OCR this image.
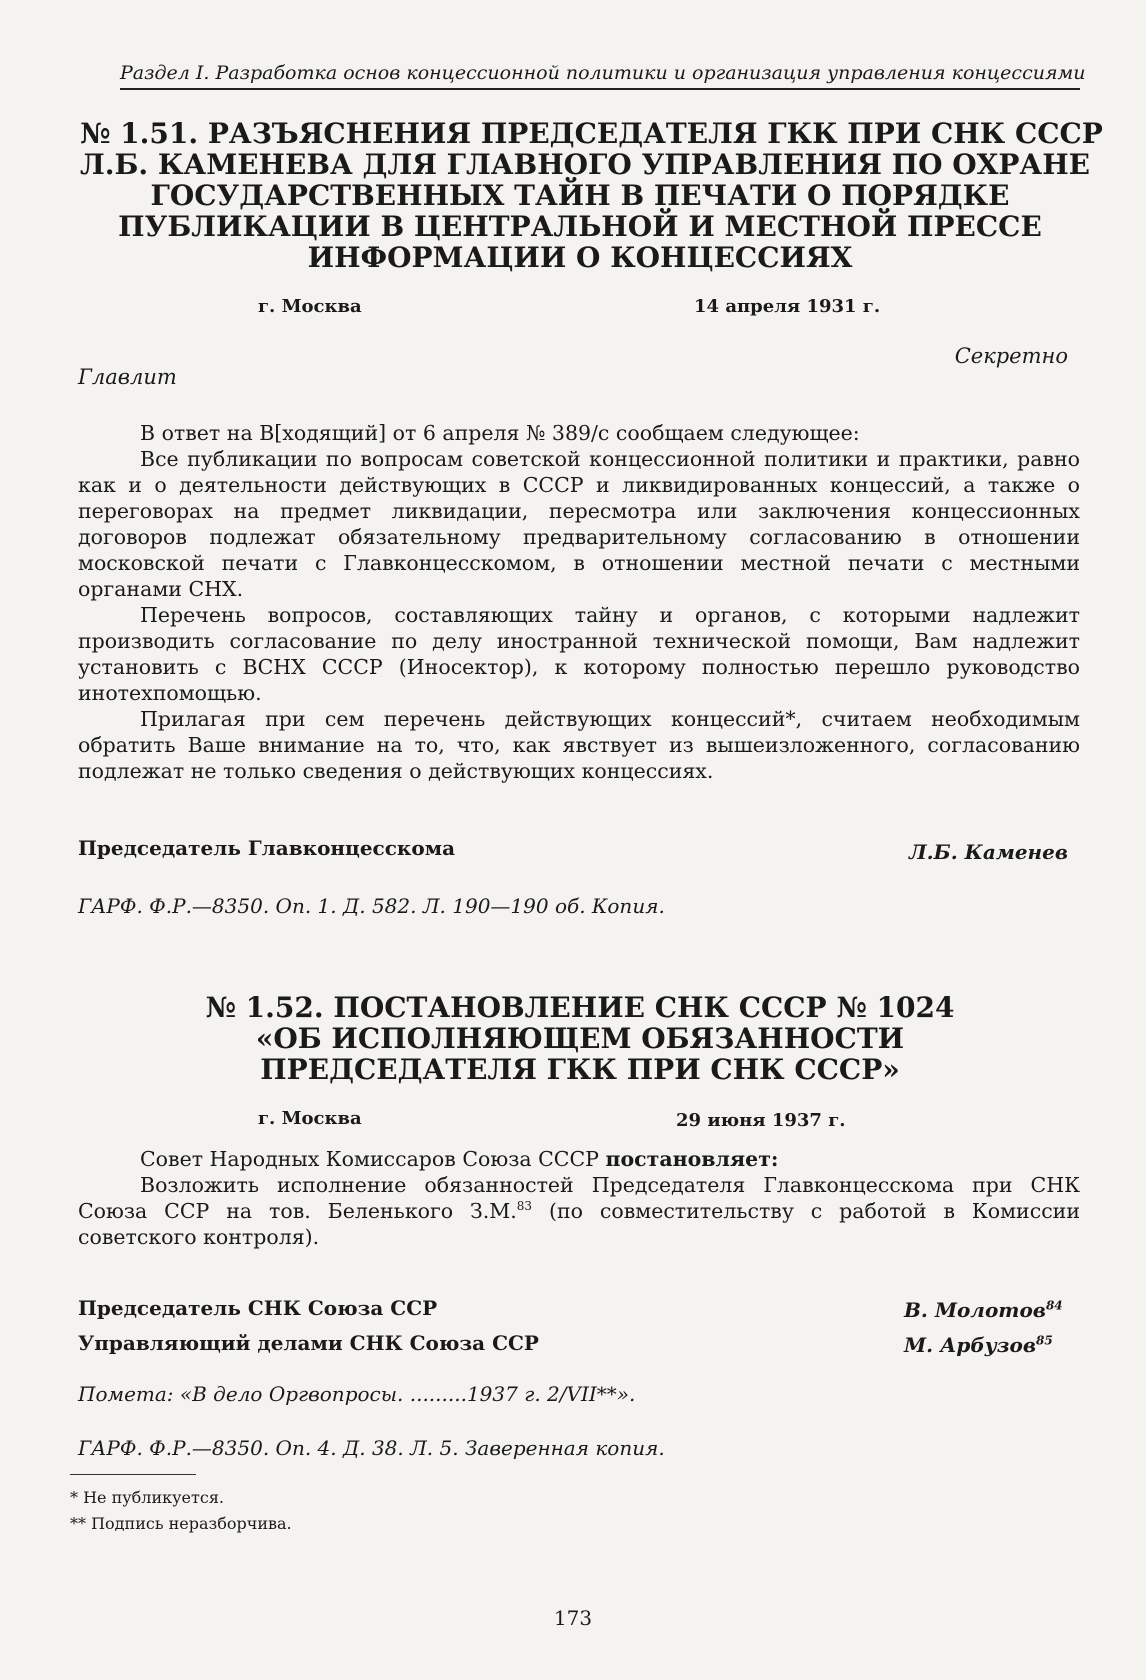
Раздел I. Разработка основ концессионной политики и организация управления концессиями
№ 1.51. РАЗЪЯСНЕНИЯ ПРЕДСЕДАТЕЛЯ ГКК ПРИ СНК СССР
Л.Б. КАМЕНЕВА ДЛЯ ГЛАВНОГО УПРАВЛЕНИЯ ПО ОХРАНЕ
ГОСУДАРСТВЕННЫХ ТАЙН В ПЕЧАТИ О ПОРЯДКЕ
ПУБЛИКАЦИИ В ЦЕНТРАЛЬНОЙ И МЕСТНОЙ ПРЕССЕ
ИНФОРМАЦИИ О КОНЦЕССИЯХ
г. Москва	14 апреля 1931 г.
Секретно
Главлит
В ответ на В[ходящий] от 6 апреля № 389/с сообщаем следующее:
Все публикации по вопросам советской концессионной политики и практики, равно как и о деятельности действующих в СССР и ликвидированных концессий, а также о переговорах на предмет ликвидации, пересмотра или заключения концессионных договоров подлежат обязательному предварительному согласованию в отношении московской печати с Главконцесскомом, в отношении местной печати с местными органами СНХ.
Перечень вопросов, составляющих тайну и органов, с которыми надлежит производить согласование по делу иностранной технической помощи, Вам надлежит установить с ВСНХ СССР (Иносектор), к которому полностью перешло руководство инотехпомощью.
Прилагая при сем перечень действующих концессий*, считаем необходимым обратить Ваше внимание на то, что, как явствует из вышеизложенного, согласованию подлежат не только сведения о действующих концессиях.
Председатель Главконцесскома	Л.Б. Каменев
ГАРФ. Ф.Р.—8350. Оп. 1. Д. 582. Л. 190—190 об. Копия.
№ 1.52. ПОСТАНОВЛЕНИЕ СНК СССР № 1024
«ОБ ИСПОЛНЯЮЩЕМ ОБЯЗАННОСТИ
ПРЕДСЕДАТЕЛЯ ГКК ПРИ СНК СССР»
г. Москва	29 июня 1937 г.
Совет Народных Комиссаров Союза СССР постановляет:
Возложить исполнение обязанностей Председателя Главконцесскома при СНК Союза ССР на тов. Беленького З.М.$^{83}$ (по совместительству с работой в Комиссии советского контроля).
Председатель СНК Союза ССР	В. Молотов$^{84}$
Управляющий делами СНК Союза ССР	М. Арбузов$^{85}$
Помета: «В дело Оргвопросы. .........1937 г. 2/VII**».
ГАРФ. Ф.Р.—8350. Оп. 4. Д. 38. Л. 5. Заверенная копия.
* Не публикуется.
** Подпись неразборчива.
173
